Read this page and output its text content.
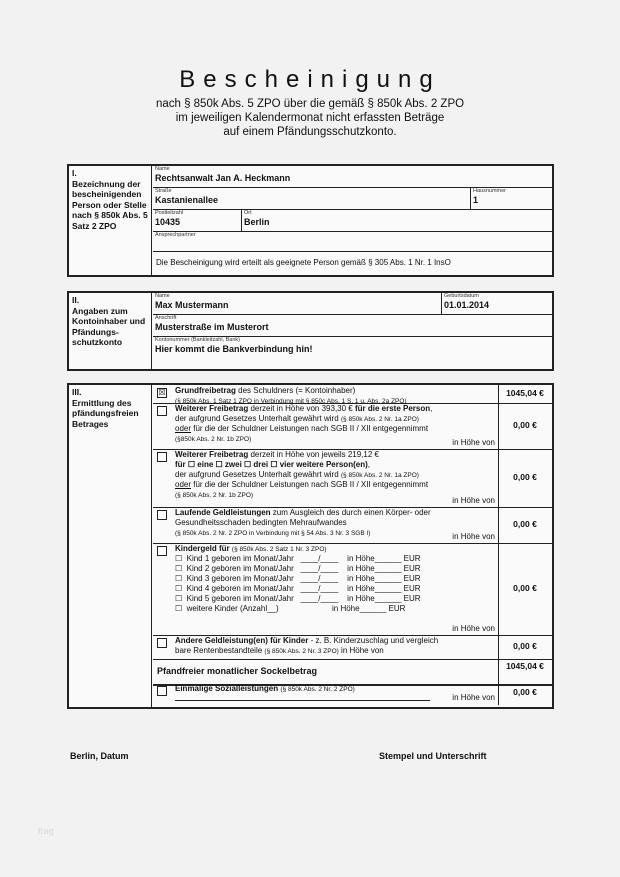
Bescheinigung
nach § 850k Abs. 5 ZPO über die gemäß § 850k Abs. 2 ZPO
im jeweiligen Kalendermonat nicht erfassten Beträge
auf einem Pfändungsschutzkonto.
I.
Bezeichnung der bescheinigenden Person oder Stelle nach § 850k Abs. 5 Satz 2 ZPO
Name
Rechtsanwalt Jan A. Heckmann
Straße
Kastanienallee
Hausnummer
1
Postleitzahl
10435
Ort
Berlin
Ansprechpartner
Die Bescheinigung wird erteilt als geeignete Person gemäß § 305 Abs. 1 Nr. 1 InsO
II.
Angaben zum Kontoinhaber und Pfändungs-schutzkonto
Name
Max Mustermann
Geburtsdatum
01.01.2014
Anschrift
Musterstraße im Musterort
Kontonummer (Bankleitzahl, Bank)
Hier kommt die Bankverbindung hin!
III.
Ermittlung des pfändungsfreien Betrages
☒ Grundfreibetrag des Schuldners (= Kontoinhaber)
(§ 850k Abs. 1 Satz 1 ZPO in Verbindung mit § 850c Abs. 1 S. 1 u. Abs. 2a ZPO)
1045,04 €
Weiterer Freibetrag derzeit in Höhe von 393,30 € für die erste Person,
der aufgrund Gesetzes Unterhalt gewährt wird (§ 850k Abs. 2 Nr. 1a ZPO)
oder für die der Schuldner Leistungen nach SGB II / XII entgegennimmt
(§850k Abs. 2 Nr. 1b ZPO)	in Höhe von
0,00 €
Weiterer Freibetrag derzeit in Höhe von jeweils 219,12 €
für ☐ eine ☐ zwei ☐ drei ☐ vier weitere Person(en),
der aufgrund Gesetzes Unterhalt gewährt wird (§ 850k Abs. 2 Nr. 1a ZPO)
oder für die der Schuldner Leistungen nach SGB II / XII entgegennimmt
(§ 850k Abs. 2 Nr. 1b ZPO)
in Höhe von
0,00 €
Laufende Geldleistungen zum Ausgleich des durch einen Körper- oder
Gesundheitsschaden bedingten Mehraufwandes
(§ 850k Abs. 2 Nr. 2 ZPO in Verbindung mit § 54 Abs. 3 Nr. 3 SGB I)	in Höhe von
0,00 €
Kindergeld für (§ 850k Abs. 2 Satz 1 Nr. 3 ZPO)
☐  Kind 1 geboren im Monat/Jahr   ____/____    in Höhe______ EUR
☐  Kind 2 geboren im Monat/Jahr   ____/____    in Höhe______ EUR
☐  Kind 3 geboren im Monat/Jahr   ____/____    in Höhe______ EUR
☐  Kind 4 geboren im Monat/Jahr   ____/____    in Höhe______ EUR
☐  Kind 5 geboren im Monat/Jahr   ____/____    in Höhe______ EUR
☐  weitere Kinder (Anzahl__)                        in Höhe______ EUR
in Höhe von
0,00 €
Andere Geldleistung(en) für Kinder - z. B. Kinderzuschlag und vergleich
bare Rentenbestandteile (§ 850k Abs. 2 Nr. 3 ZPO) in Höhe von	0,00 €
Pfandfreier monatlicher Sockelbetrag	1045,04 €
Einmalige Sozialleistungen (§ 850k Abs. 2 Nr. 2 ZPO)
in Höhe von
0,00 €
Berlin, Datum	Stempel und Unterschrift
frag
